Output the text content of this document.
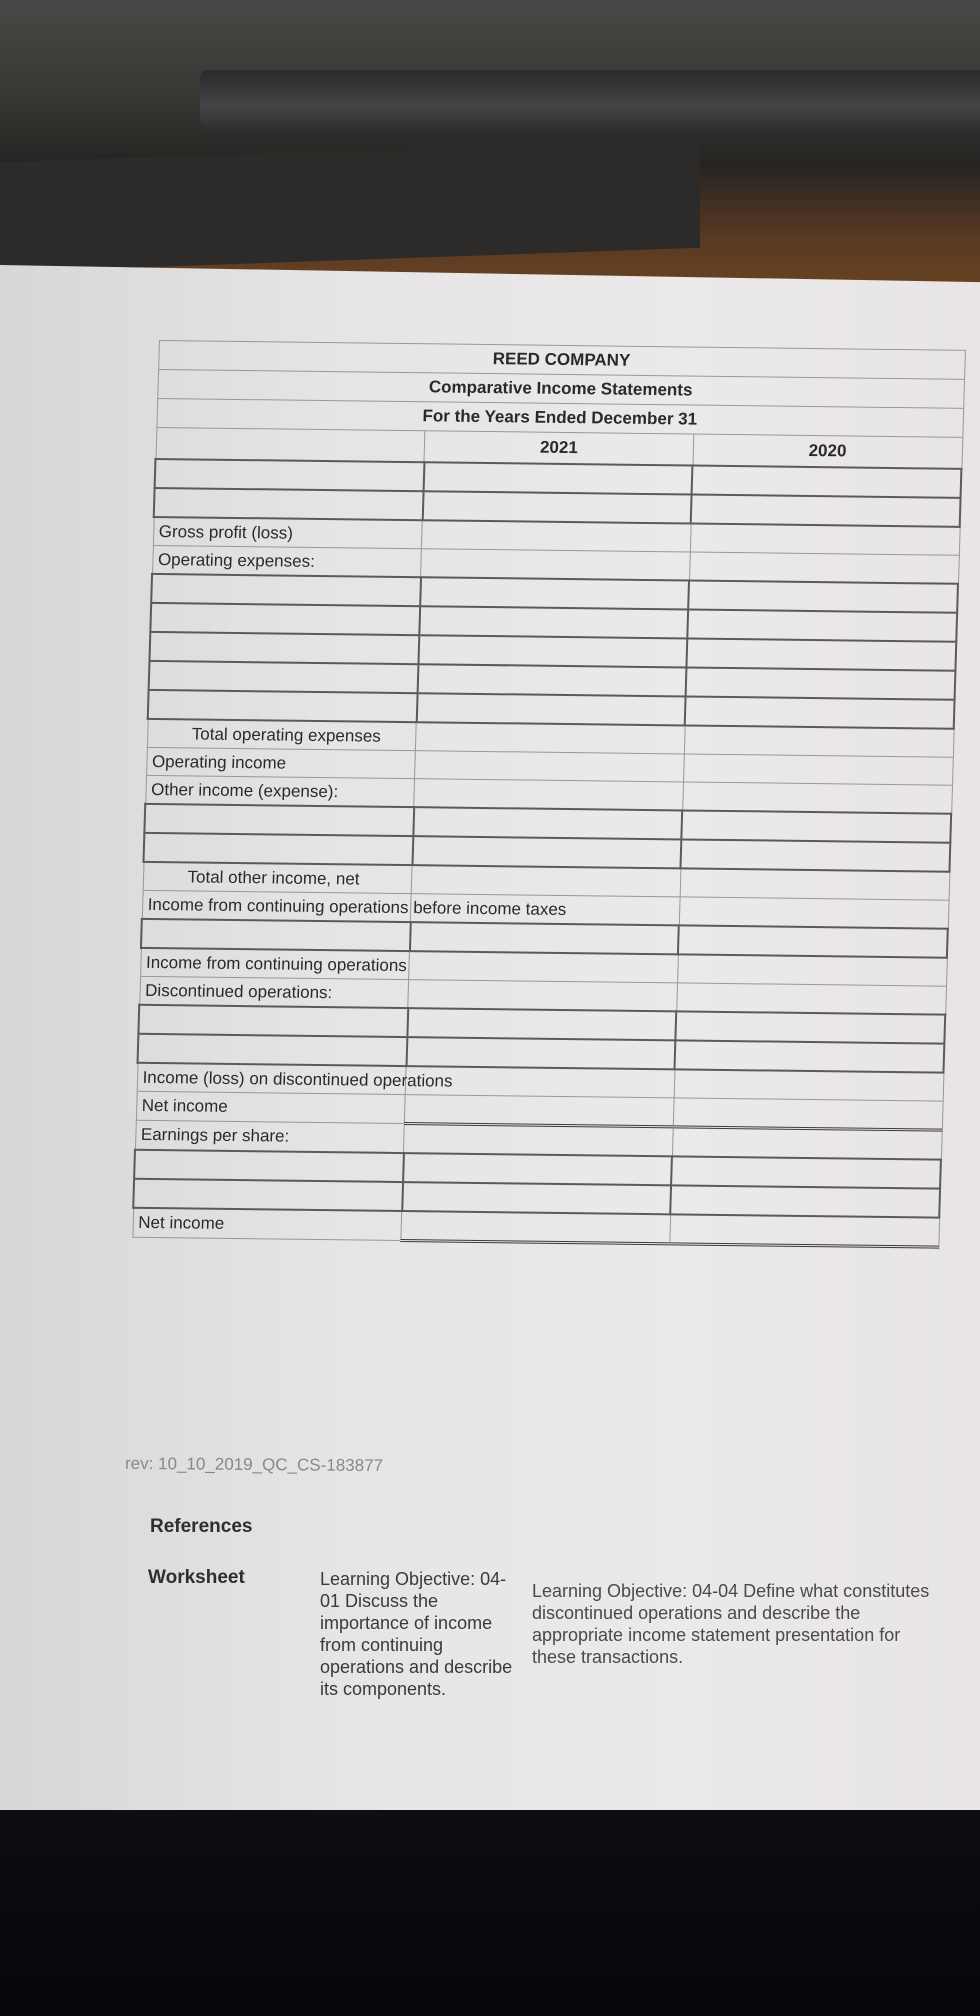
REED COMPANY		
Comparative Income Statements		
For the Years Ended December 31		
	2021	2020

Gross profit (loss)		
Operating expenses:		

Total operating expenses		
Operating income		
Other income (expense):		

Total other income, net		
Income from continuing operations before income taxes		

Income from continuing operations		
Discontinued operations:		

Income (loss) on discontinued operations		
Net income		
Earnings per share:		

Net income		
rev: 10_10_2019_QC_CS-183877
References
Worksheet	Learning Objective: 04-01 Discuss the importance of income from continuing operations and describe its components.
Learning Objective: 04-04 Define what constitutes discontinued operations and describe the appropriate income statement presentation for these transactions.
